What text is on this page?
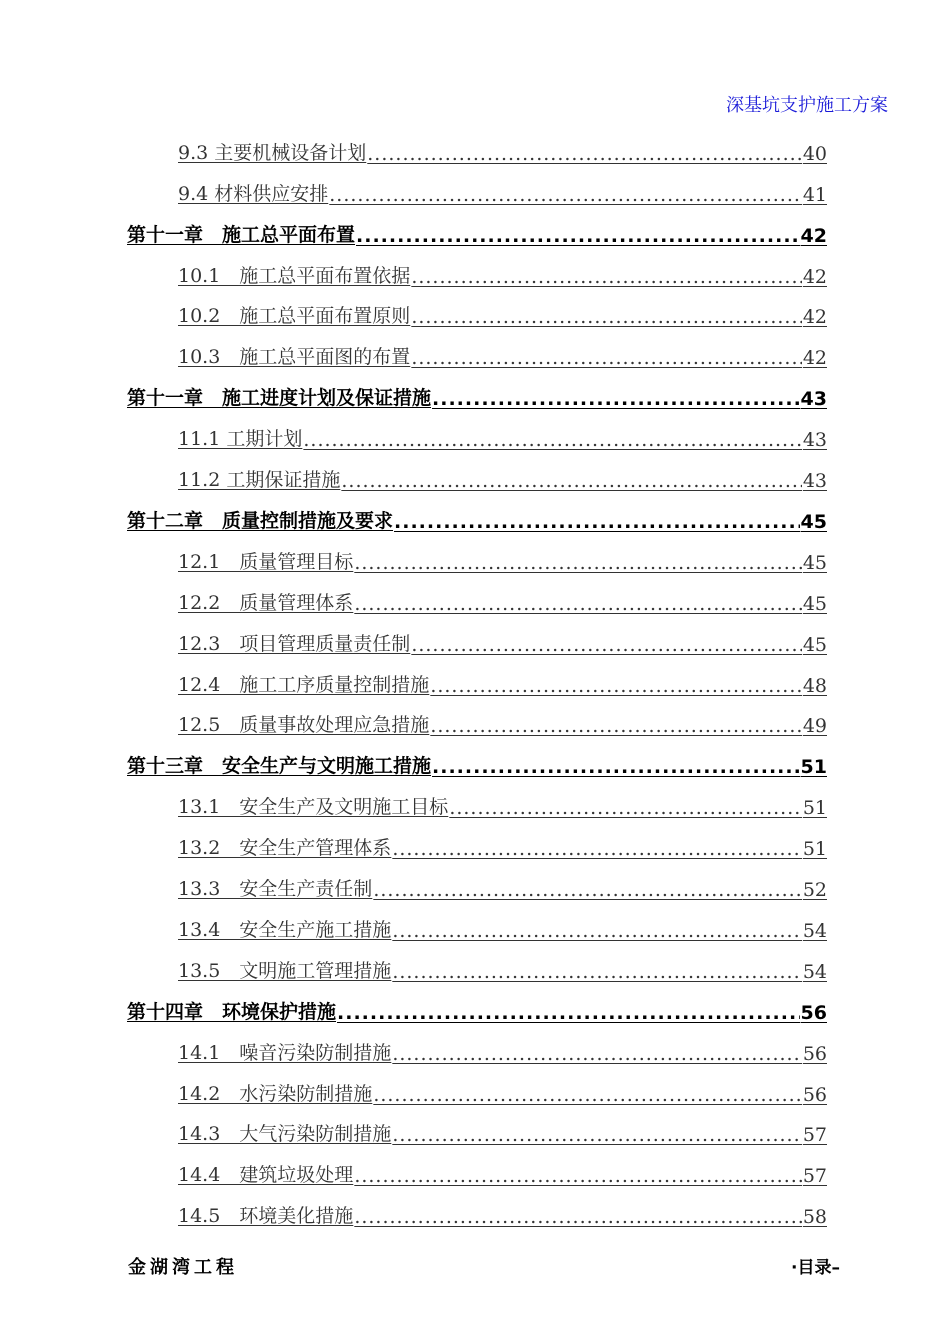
深基坑支护施工方案
9.3 主要机械设备计划 .....	40
9.4 材料供应安排 .....	41
第十一章　施工总平面布置 .....	42
10.1　施工总平面布置依据 .....	42
10.2　施工总平面布置原则 .....	42
10.3　施工总平面图的布置 .....	42
第十一章　施工进度计划及保证措施 .....	43
11.1 工期计划 .....	43
11.2 工期保证措施 .....	43
第十二章　质量控制措施及要求 .....	45
12.1　质量管理目标 .....	45
12.2　质量管理体系 .....	45
12.3　项目管理质量责任制 .....	45
12.4　施工工序质量控制措施 .....	48
12.5　质量事故处理应急措施 .....	49
第十三章　安全生产与文明施工措施 .....	51
13.1　安全生产及文明施工目标 .....	51
13.2　安全生产管理体系 .....	51
13.3　安全生产责任制 .....	52
13.4　安全生产施工措施 .....	54
13.5　文明施工管理措施 .....	54
第十四章　环境保护措施 .....	56
14.1　噪音污染防制措施 .....	56
14.2　水污染防制措施 .....	56
14.3　大气污染防制措施 .....	57
14.4　建筑垃圾处理 .....	57
14.5　环境美化措施 .....	58
金湖湾工程	·目录–
